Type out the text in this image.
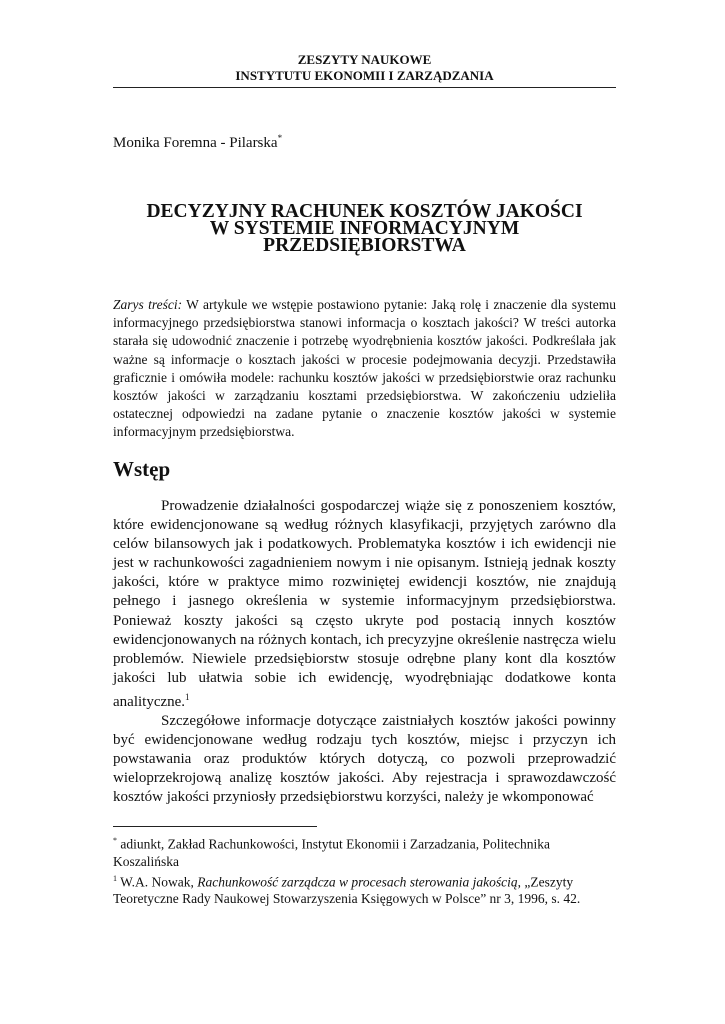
ZESZYTY NAUKOWE
INSTYTUTU EKONOMII I ZARZĄDZANIA
Monika Foremna - Pilarska*
DECYZYJNY RACHUNEK KOSZTÓW JAKOŚCI
W SYSTEMIE INFORMACYJNYM
PRZEDSIĘBIORSTWA
Zarys treści: W artykule we wstępie postawiono pytanie: Jaką rolę i znaczenie dla systemu informacyjnego przedsiębiorstwa stanowi informacja o kosztach jakości? W treści autorka starała się udowodnić znaczenie i potrzebę wyodrębnienia kosztów jakości. Podkreślała jak ważne są informacje o kosztach jakości w procesie podejmowania decyzji. Przedstawiła graficznie i omówiła modele: rachunku kosztów jakości w przedsiębiorstwie oraz rachunku kosztów jakości w zarządzaniu kosztami przedsiębiorstwa. W zakończeniu udzieliła ostatecznej odpowiedzi na zadane pytanie o znaczenie kosztów jakości w systemie informacyjnym przedsiębiorstwa.
Wstęp

Prowadzenie działalności gospodarczej wiąże się z ponoszeniem kosztów, które ewidencjonowane są według różnych klasyfikacji, przyjętych zarówno dla celów bilansowych jak i podatkowych. Problematyka kosztów i ich ewidencji nie jest w rachunkowości zagadnieniem nowym i nie opisanym. Istnieją jednak koszty jakości, które w praktyce mimo rozwiniętej ewidencji kosztów, nie znajdują pełnego i jasnego określenia w systemie informacyjnym przedsiębiorstwa. Ponieważ koszty jakości są często ukryte pod postacią innych kosztów ewidencjonowanych na różnych kontach, ich precyzyjne określenie nastręcza wielu problemów. Niewiele przedsiębiorstw stosuje odrębne plany kont dla kosztów jakości lub ułatwia sobie ich ewidencję, wyodrębniając dodatkowe konta analityczne.$^1$

Szczegółowe informacje dotyczące zaistniałych kosztów jakości powinny być ewidencjonowane według rodzaju tych kosztów, miejsc i przyczyn ich powstawania oraz produktów których dotyczą, co pozwoli przeprowadzić wieloprzekrojową analizę kosztów jakości. Aby rejestracja i sprawozdawczość kosztów jakości przyniosły przedsiębiorstwu korzyści, należy je wkomponować

* adiunkt, Zakład Rachunkowości, Instytut Ekonomii i Zarzadzania, Politechnika Koszalińska

$^1$ W.A. Nowak, Rachunkowość zarządcza w procesach sterowania jakością, „Zeszyty Teoretyczne Rady Naukowej Stowarzyszenia Księgowych w Polsce” nr 3, 1996, s. 42.
